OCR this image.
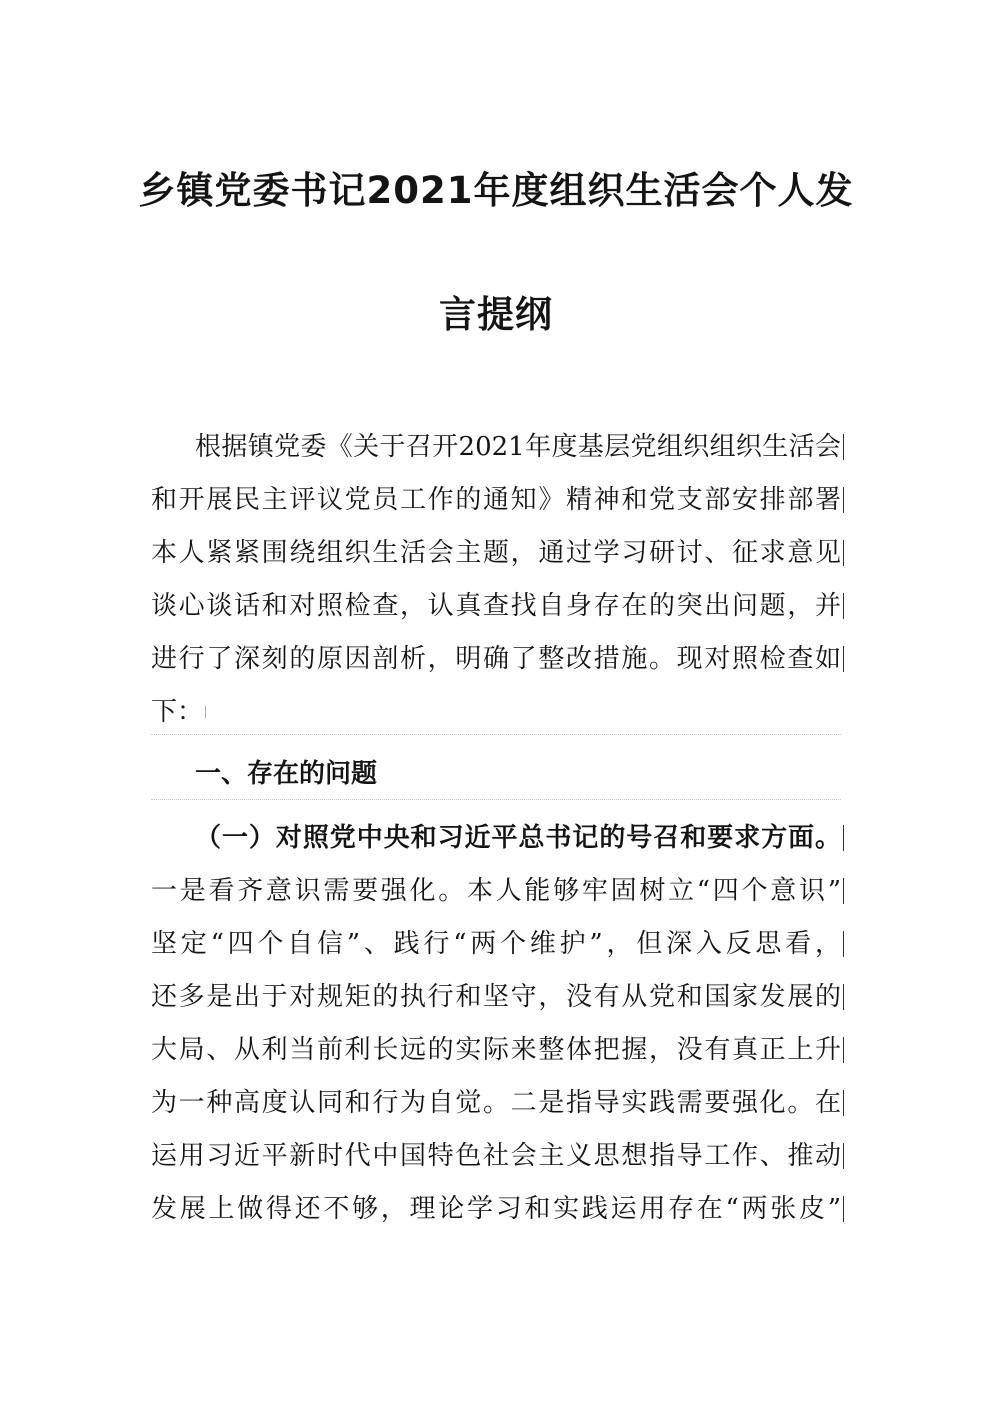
乡镇党委书记2021年度组织生活会个人发
言提纲
根据镇党委《关于召开2021年度基层党组织组织生活会
和开展民主评议党员工作的通知》精神和党支部安排部署
本人紧紧围绕组织生活会主题，通过学习研讨、征求意见
谈心谈话和对照检查，认真查找自身存在的突出问题，并
进行了深刻的原因剖析，明确了整改措施。现对照检查如
下：
一、存在的问题
（一）对照党中央和习近平总书记的号召和要求方面。
一是看齐意识需要强化。本人能够牢固树立“四个意识”
坚定“四个自信”、践行“两个维护”，但深入反思看，
还多是出于对规矩的执行和坚守，没有从党和国家发展的
大局、从利当前利长远的实际来整体把握，没有真正上升
为一种高度认同和行为自觉。二是指导实践需要强化。在
运用习近平新时代中国特色社会主义思想指导工作、推动
发展上做得还不够，理论学习和实践运用存在“两张皮”
